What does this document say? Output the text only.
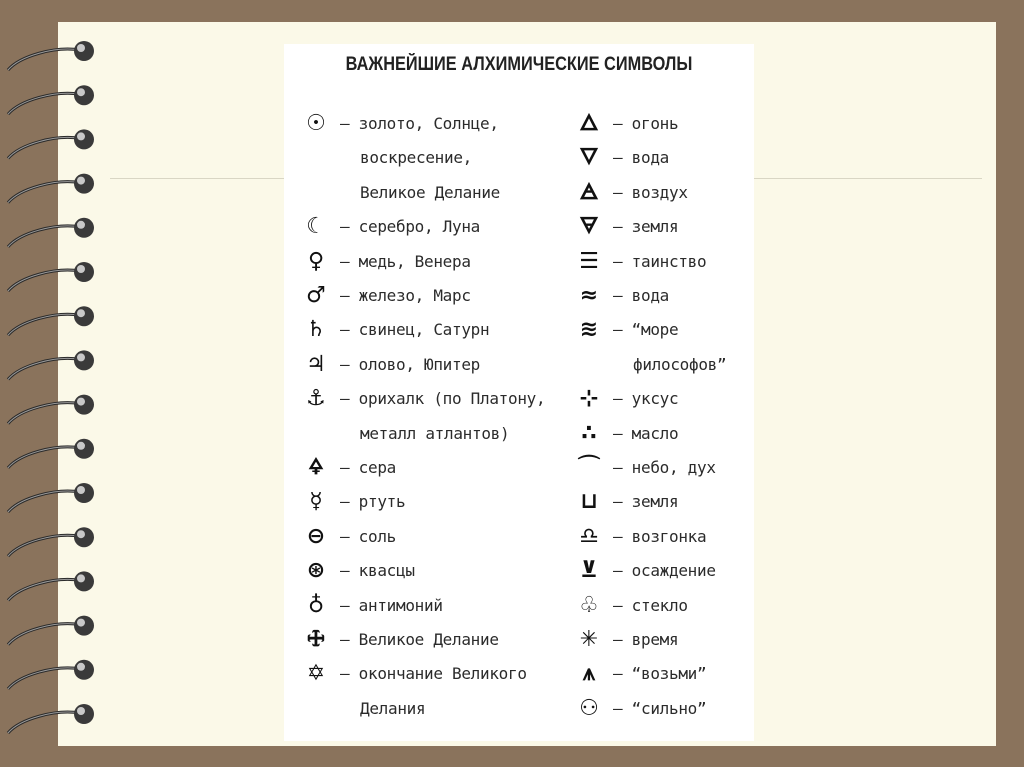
ВАЖНЕЙШИЕ АЛХИМИЧЕСКИЕ СИМВОЛЫ
☉ – золото, Солнце,
воскресение,
Великое Делание
☾ – серебро, Луна
♀ – медь, Венера
♂ – железо, Марс
♄ – свинец, Сатурн
♃ – олово, Юпитер
⚓ – орихалк (по Платону,
металл атлантов)
🜍	– сера
☿	– ртуть
⊖ – соль
⊛ – квасцы
♁ – антимоний
🜊 – Великое Делание
✡ – окончание Великого
Делания
🜂 – огонь
🜄 – вода
🜁 – воздух
🜃 – земля
☰ – таинство
≈ – вода
≋ – “море
философов”
⊹ – уксус
∴	– масло
⌒ – небо, дух
⊔ – земля
♎ – возгонка
⊻ – осаждение
♧ – стекло
✳ – время
⩚	– “возьми”
⚇ – “сильно”
